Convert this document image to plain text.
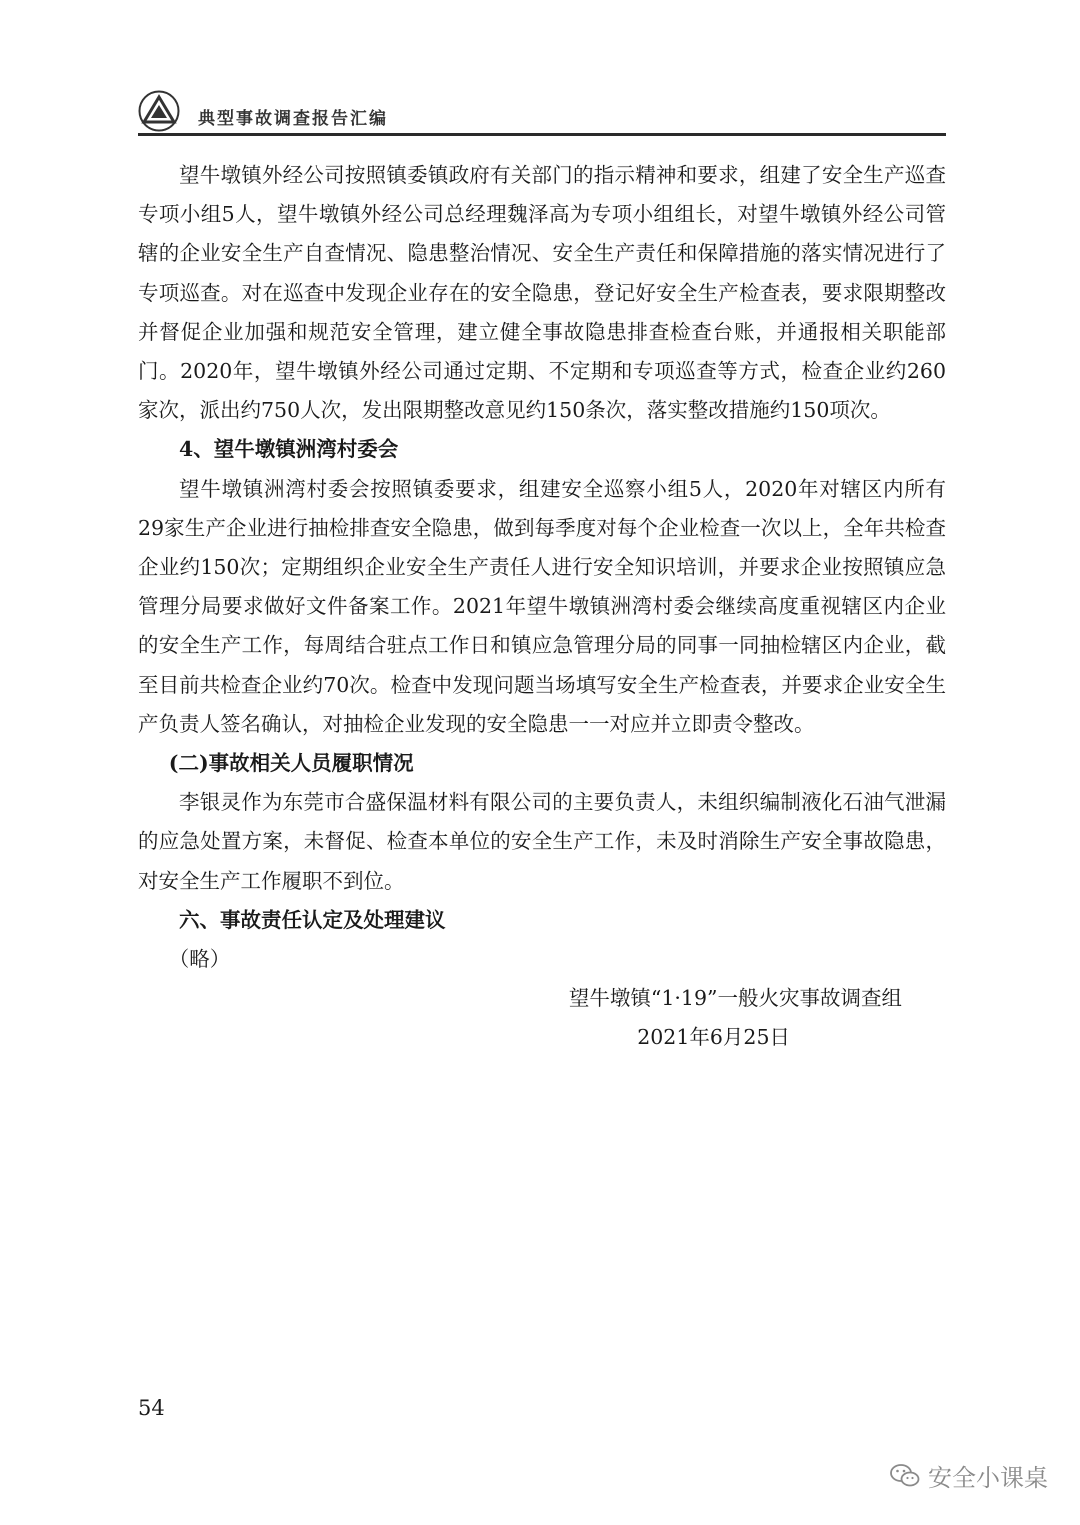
典型事故调查报告汇编

望牛墩镇外经公司按照镇委镇政府有关部门的指示精神和要求，组建了安全生产巡查专项小组5人，望牛墩镇外经公司总经理魏泽高为专项小组组长，对望牛墩镇外经公司管辖的企业安全生产自查情况、隐患整治情况、安全生产责任和保障措施的落实情况进行了专项巡查。对在巡查中发现企业存在的安全隐患，登记好安全生产检查表，要求限期整改并督促企业加强和规范安全管理，建立健全事故隐患排查检查台账，并通报相关职能部门。2020年，望牛墩镇外经公司通过定期、不定期和专项巡查等方式，检查企业约260家次，派出约750人次，发出限期整改意见约150条次，落实整改措施约150项次。

4、望牛墩镇洲湾村委会

望牛墩镇洲湾村委会按照镇委要求，组建安全巡察小组5人，2020年对辖区内所有29家生产企业进行抽检排查安全隐患，做到每季度对每个企业检查一次以上，全年共检查企业约150次；定期组织企业安全生产责任人进行安全知识培训，并要求企业按照镇应急管理分局要求做好文件备案工作。2021年望牛墩镇洲湾村委会继续高度重视辖区内企业的安全生产工作，每周结合驻点工作日和镇应急管理分局的同事一同抽检辖区内企业，截至目前共检查企业约70次。检查中发现问题当场填写安全生产检查表，并要求企业安全生产负责人签名确认，对抽检企业发现的安全隐患一一对应并立即责令整改。

(二)事故相关人员履职情况

李银灵作为东莞市合盛保温材料有限公司的主要负责人，未组织编制液化石油气泄漏的应急处置方案，未督促、检查本单位的安全生产工作，未及时消除生产安全事故隐患，对安全生产工作履职不到位。

六、事故责任认定及处理建议

（略）

望牛墩镇“1·19”一般火灾事故调查组

2021年6月25日

54
安全小课桌
